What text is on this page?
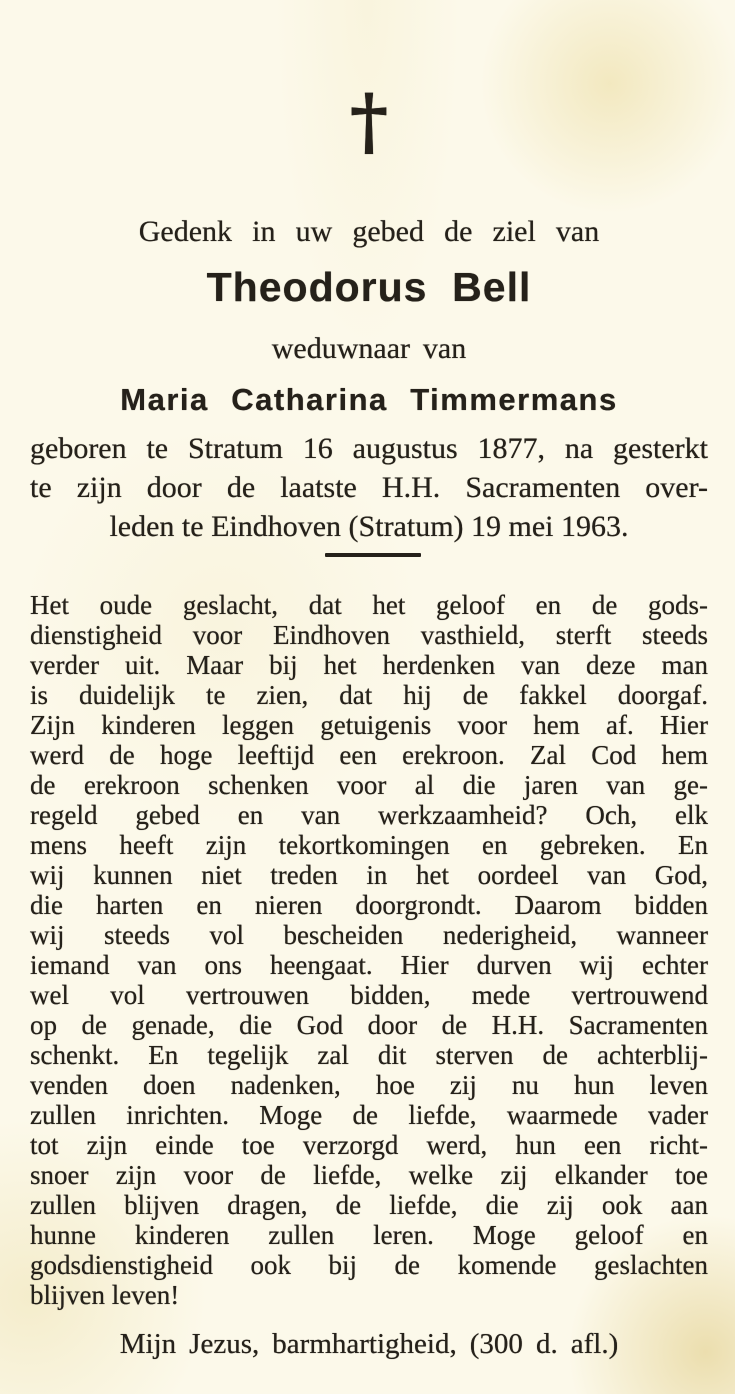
†
Gedenk in uw gebed de ziel van
Theodorus Bell
weduwnaar van
Maria Catharina Timmermans
geboren te Stratum 16 augustus 1877, na gesterkt
te zijn door de laatste H.H. Sacramenten over-
leden te Eindhoven (Stratum) 19 mei 1963.
Het oude geslacht, dat het geloof en de gods-
dienstigheid voor Eindhoven vasthield, sterft steeds
verder uit. Maar bij het herdenken van deze man
is duidelijk te zien, dat hij de fakkel doorgaf.
Zijn kinderen leggen getuigenis voor hem af. Hier
werd de hoge leeftijd een erekroon. Zal Cod hem
de erekroon schenken voor al die jaren van ge-
regeld gebed en van werkzaamheid? Och, elk
mens heeft zijn tekortkomingen en gebreken. En
wij kunnen niet treden in het oordeel van God,
die harten en nieren doorgrondt. Daarom bidden
wij steeds vol bescheiden nederigheid, wanneer
iemand van ons heengaat. Hier durven wij echter
wel vol vertrouwen bidden, mede vertrouwend
op de genade, die God door de H.H. Sacramenten
schenkt. En tegelijk zal dit sterven de achterblij-
venden doen nadenken, hoe zij nu hun leven
zullen inrichten. Moge de liefde, waarmede vader
tot zijn einde toe verzorgd werd, hun een richt-
snoer zijn voor de liefde, welke zij elkander toe
zullen blijven dragen, de liefde, die zij ook aan
hunne kinderen zullen leren. Moge geloof en
godsdienstigheid ook bij de komende geslachten
blijven leven!
Mijn Jezus, barmhartigheid, (300 d. afl.)
